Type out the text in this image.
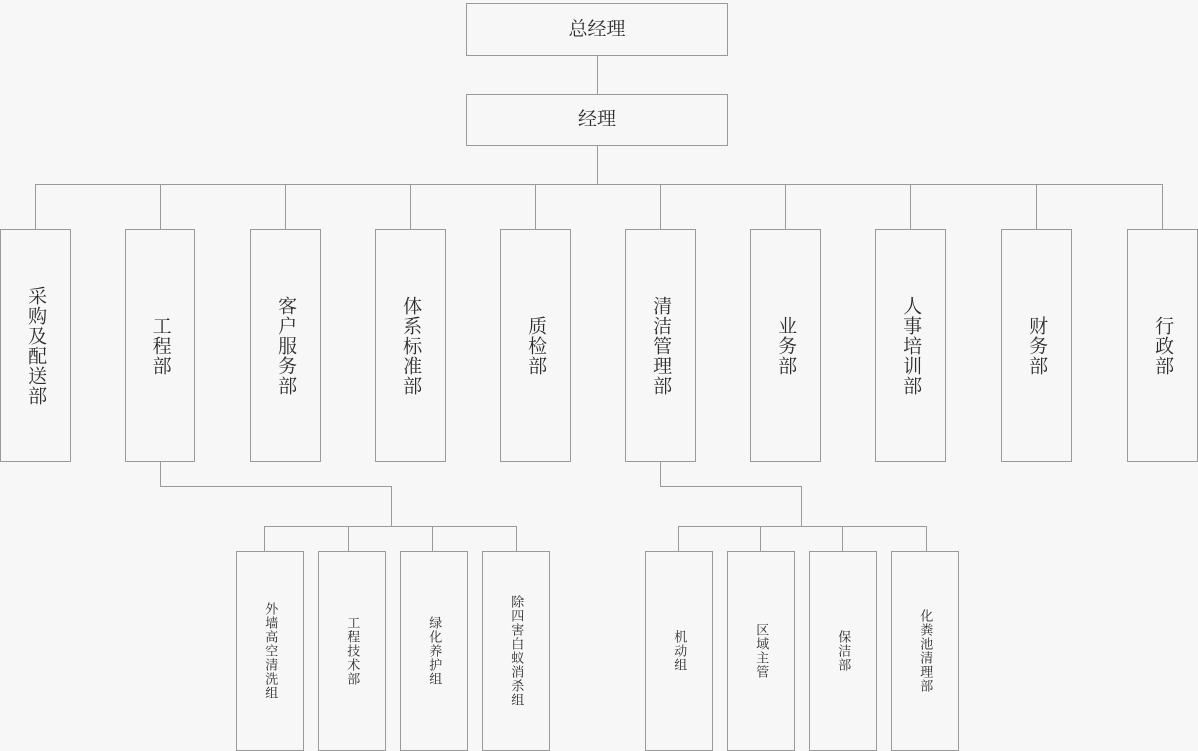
总经理
经理
采购及配送部	工程部	客户服务部	体系标准部	质检部	清洁管理部	业务部	人事培训部	财务部	行政部
外墙高空清洗组	工程技术部	绿化养护组	除四害白蚁消杀组	机动组	区域主管	保洁部	化粪池清理部
